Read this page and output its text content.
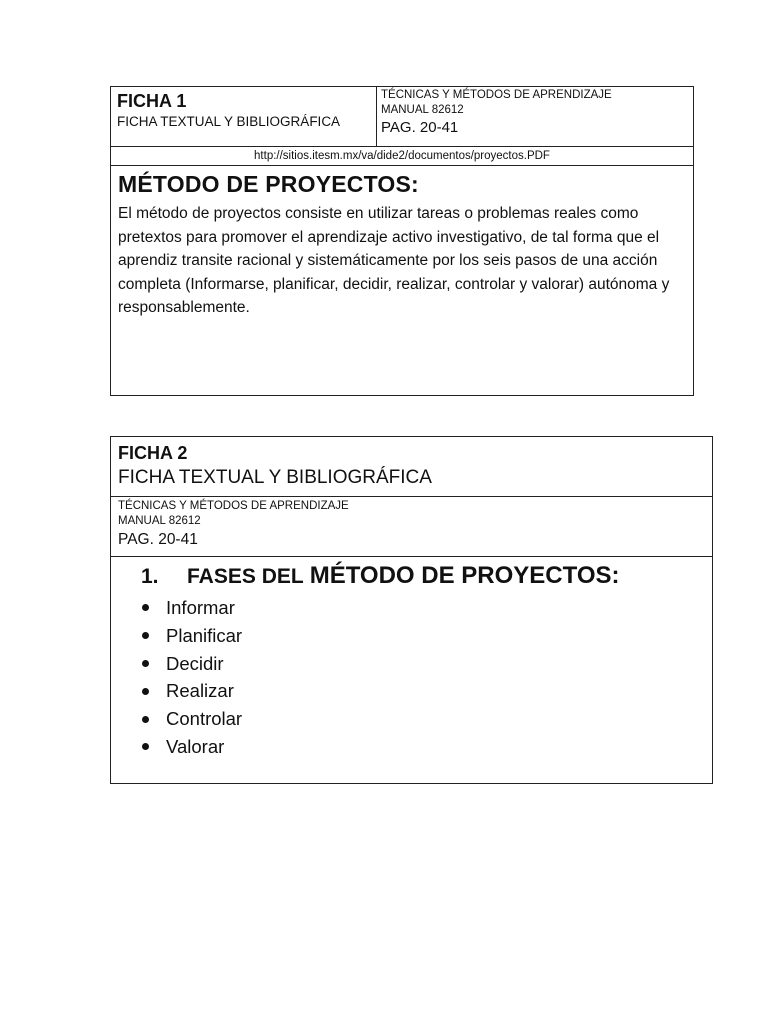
FICHA 1
FICHA TEXTUAL Y BIBLIOGRÁFICA
TÉCNICAS Y MÉTODOS DE APRENDIZAJE
MANUAL 82612
PAG. 20-41
http://sitios.itesm.mx/va/dide2/documentos/proyectos.PDF
MÉTODO DE PROYECTOS:
El método de proyectos consiste en utilizar tareas o problemas reales como pretextos para promover el aprendizaje activo investigativo, de tal forma que el aprendiz transite racional y sistemáticamente por los seis pasos de una acción completa (Informarse, planificar, decidir, realizar, controlar y valorar) autónoma y responsablemente.
FICHA 2
FICHA TEXTUAL Y BIBLIOGRÁFICA
TÉCNICAS Y MÉTODOS DE APRENDIZAJE
MANUAL 82612
PAG. 20-41
1.	FASES DEL MÉTODO DE PROYECTOS:
Informar
Planificar
Decidir
Realizar
Controlar
Valorar
